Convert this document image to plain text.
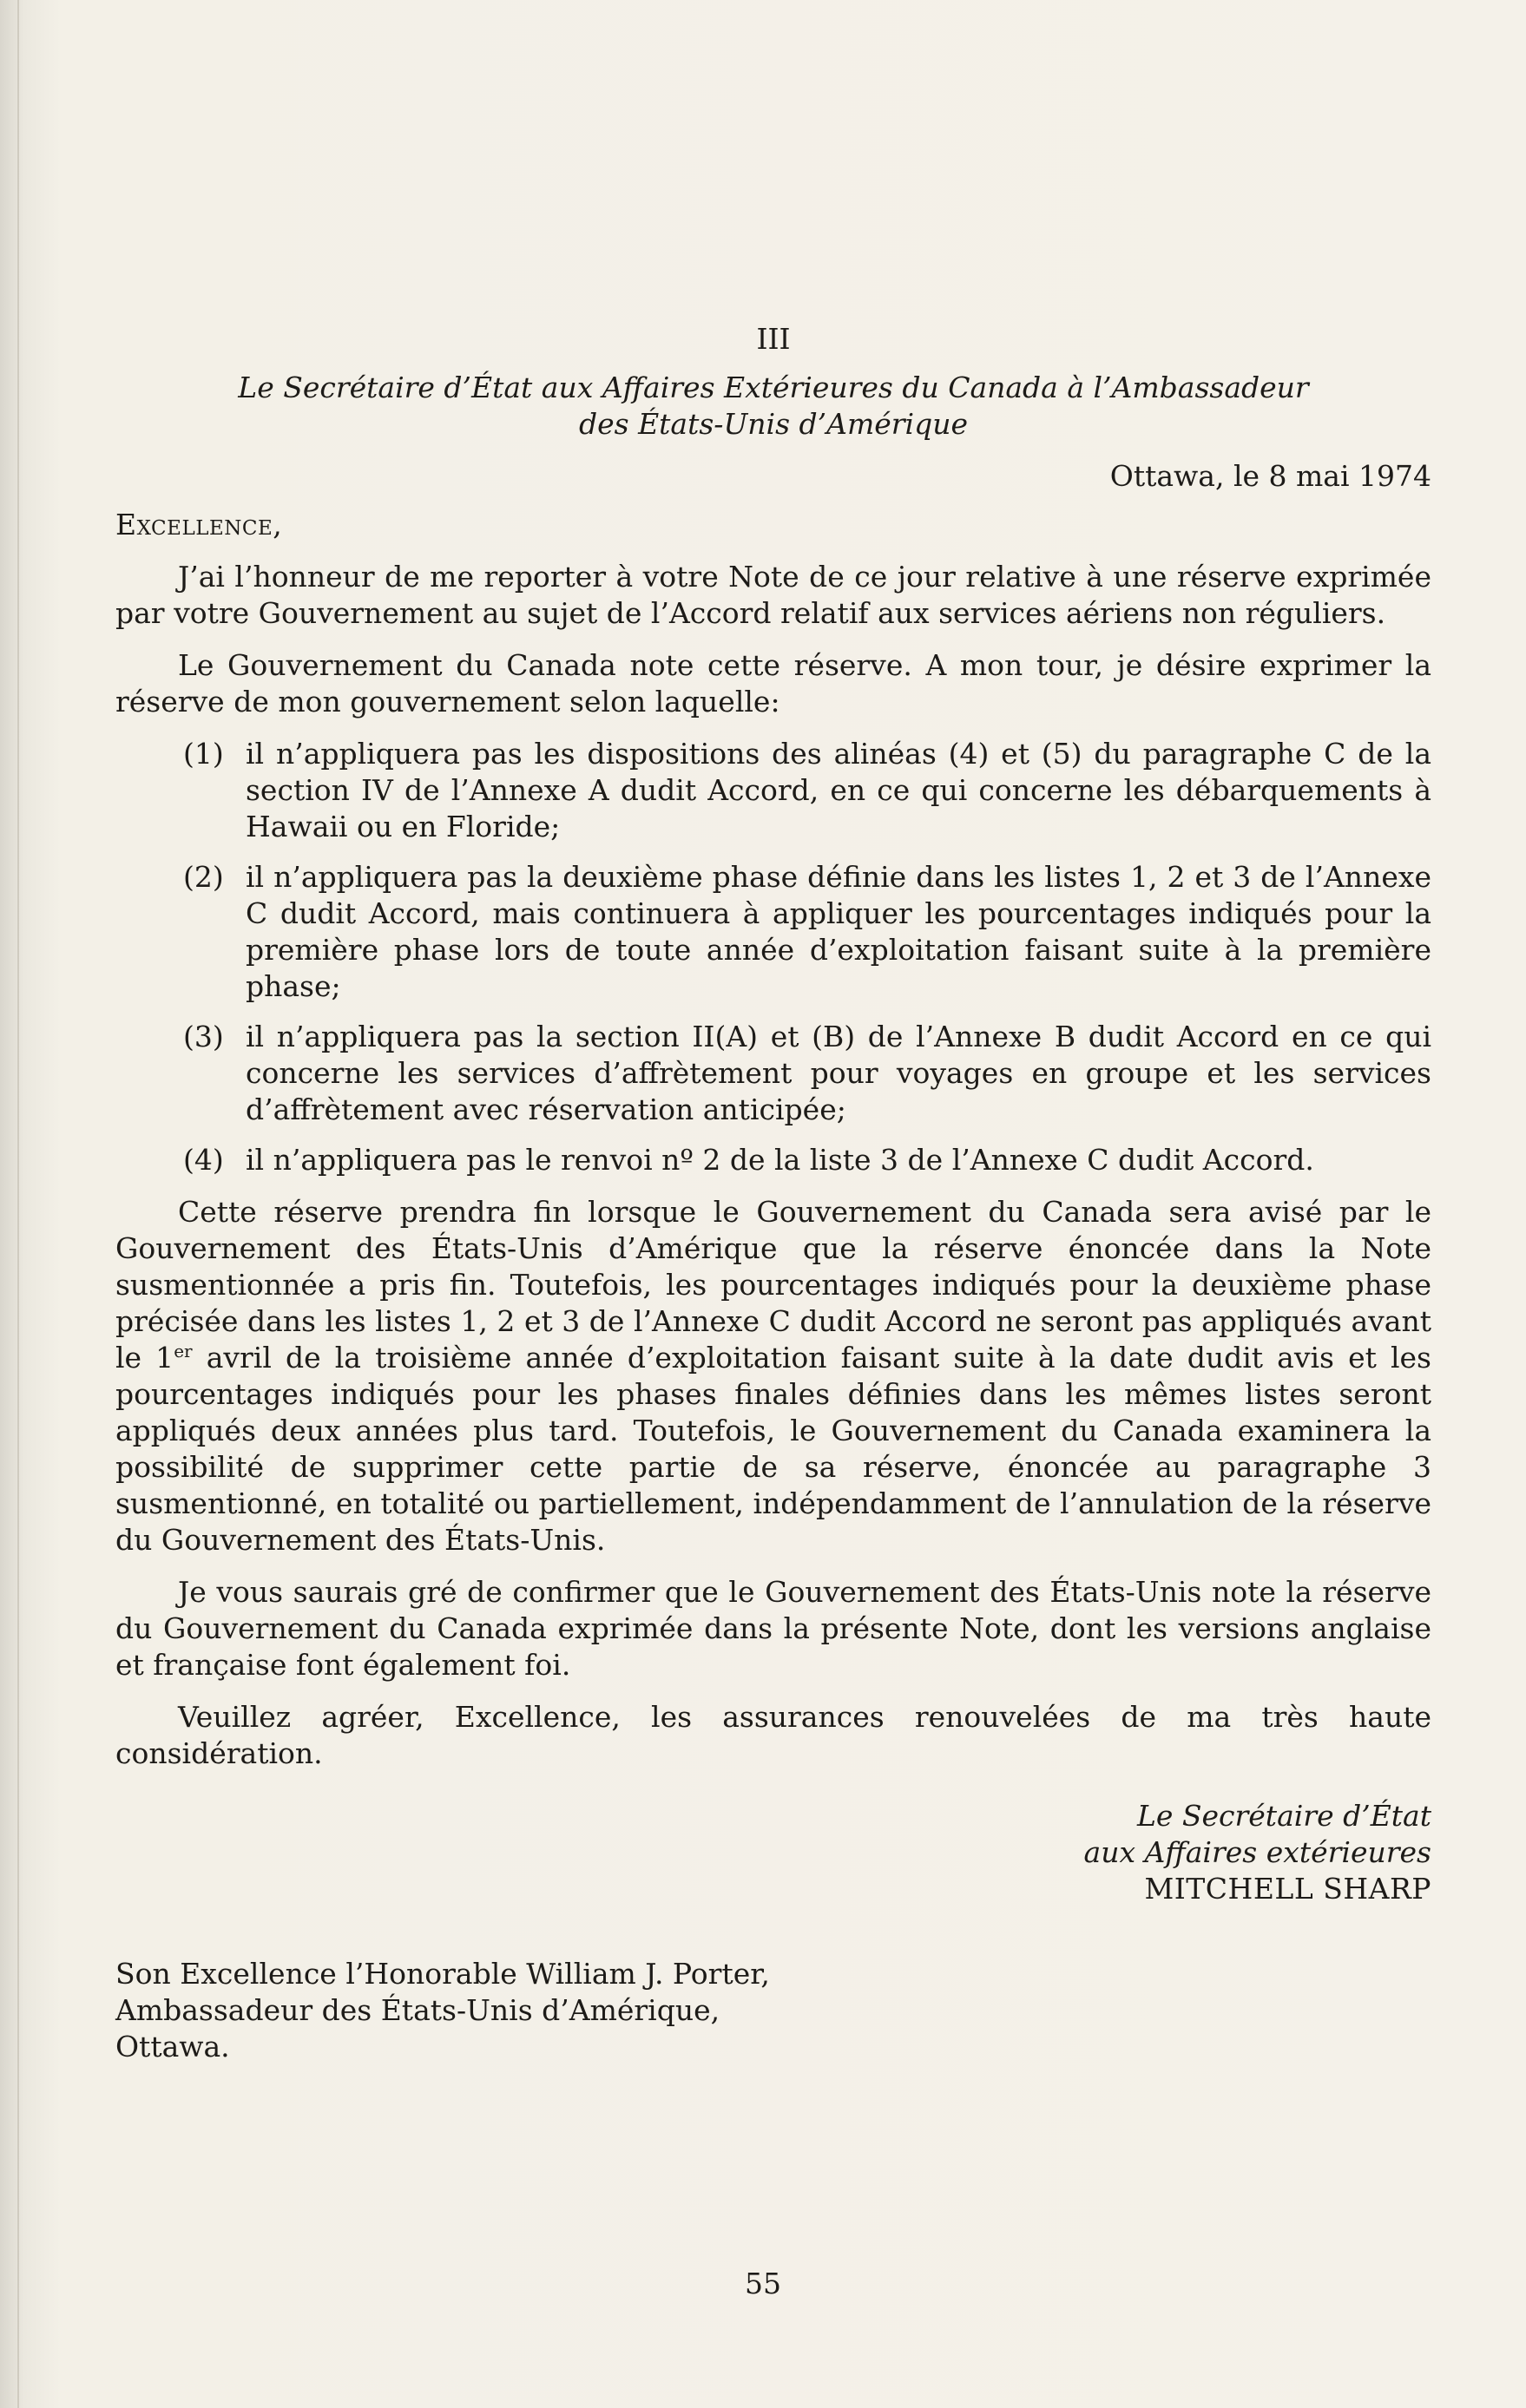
III

Le Secrétaire d’État aux Affaires Extérieures du Canada à l’Ambassadeur

des États-Unis d’Amérique

Ottawa, le 8 mai 1974

Excellence,

J’ai l’honneur de me reporter à votre Note de ce jour relative à une réserve exprimée par votre Gouvernement au sujet de l’Accord relatif aux services aériens non réguliers.

Le Gouvernement du Canada note cette réserve. A mon tour, je désire exprimer la réserve de mon gouvernement selon laquelle:

(1) il n’appliquera pas les dispositions des alinéas (4) et (5) du paragraphe C de la section IV de l’Annexe A dudit Accord, en ce qui concerne les débarquements à Hawaii ou en Floride;
(2) il n’appliquera pas la deuxième phase définie dans les listes 1, 2 et 3 de l’Annexe C dudit Accord, mais continuera à appliquer les pourcentages indiqués pour la première phase lors de toute année d’exploitation faisant suite à la première phase;
(3) il n’appliquera pas la section II(A) et (B) de l’Annexe B dudit Accord en ce qui concerne les services d’affrètement pour voyages en groupe et les services d’affrètement avec réservation anticipée;
(4) il n’appliquera pas le renvoi nº 2 de la liste 3 de l’Annexe C dudit Accord.

Cette réserve prendra fin lorsque le Gouvernement du Canada sera avisé par le Gouvernement des États-Unis d’Amérique que la réserve énoncée dans la Note susmentionnée a pris fin. Toutefois, les pourcentages indiqués pour la deuxième phase précisée dans les listes 1, 2 et 3 de l’Annexe C dudit Accord ne seront pas appliqués avant le 1er avril de la troisième année d’exploitation faisant suite à la date dudit avis et les pourcentages indiqués pour les phases finales définies dans les mêmes listes seront appliqués deux années plus tard. Toutefois, le Gouvernement du Canada examinera la possibilité de supprimer cette partie de sa réserve, énoncée au paragraphe 3 susmentionné, en totalité ou partiellement, indépendamment de l’annulation de la réserve du Gouvernement des États-Unis.

Je vous saurais gré de confirmer que le Gouvernement des États-Unis note la réserve du Gouvernement du Canada exprimée dans la présente Note, dont les versions anglaise et française font également foi.

Veuillez agréer, Excellence, les assurances renouvelées de ma très haute considération.

Le Secrétaire d’État
aux Affaires extérieures
MITCHELL SHARP
Son Excellence l’Honorable William J. Porter,
Ambassadeur des États-Unis d’Amérique,
Ottawa.
55
